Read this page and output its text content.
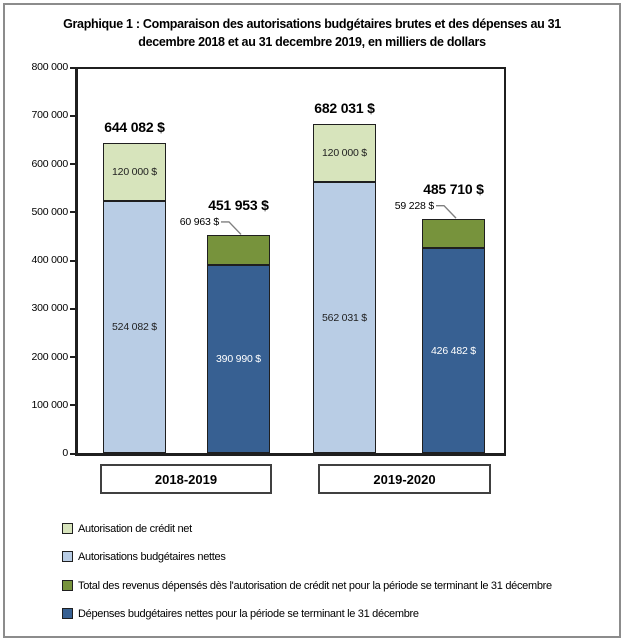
Graphique 1 : Comparaison des autorisations budgétaires brutes et des dépenses au 31
decembre 2018 et au 31 decembre 2019, en milliers de dollars
0
100 000
200 000
300 000
400 000
500 000
600 000
700 000
800 000
524 082 $
120 000 $
644 082 $
390 990 $
60 963 $
451 953 $
562 031 $
120 000 $
682 031 $
426 482 $
59 228 $
485 710 $
2018-2019	2019-2020
Autorisation de crédit net
Autorisations budgétaires nettes
Total des revenus dépensés dès l'autorisation de crédit net pour la période se terminant le 31 décembre
Dépenses budgétaires nettes pour la période se terminant le 31 décembre
